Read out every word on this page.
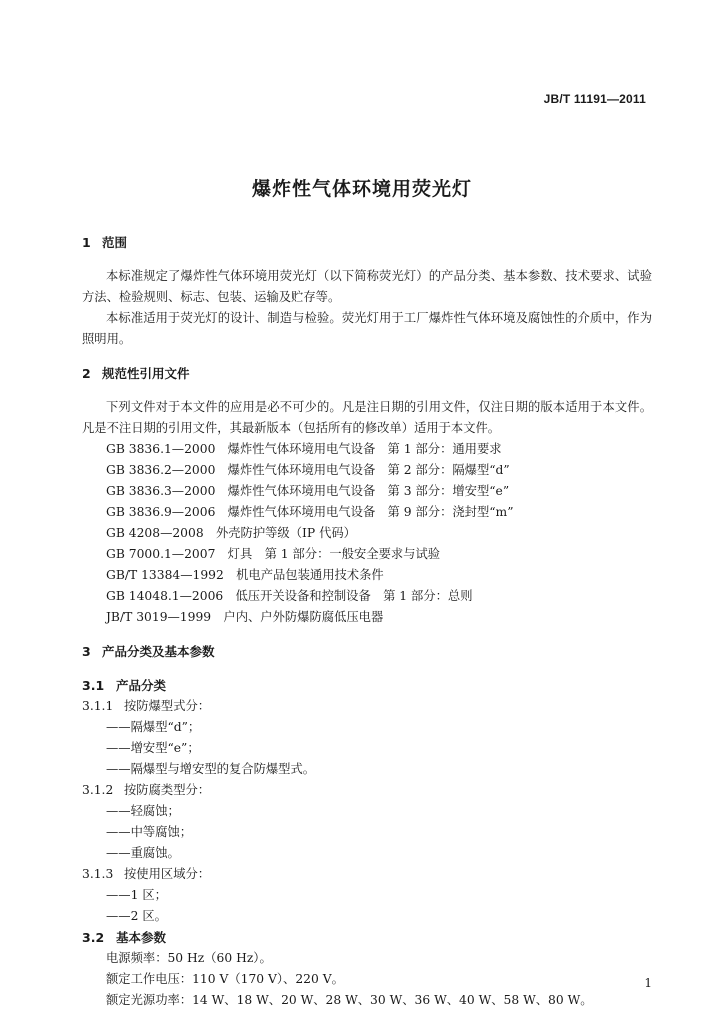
JB/T 11191—2011
爆炸性气体环境用荧光灯

1 范围

本标准规定了爆炸性气体环境用荧光灯（以下简称荧光灯）的产品分类、基本参数、技术要求、试验方法、检验规则、标志、包装、运输及贮存等。

本标准适用于荧光灯的设计、制造与检验。荧光灯用于工厂爆炸性气体环境及腐蚀性的介质中，作为照明用。

2 规范性引用文件

下列文件对于本文件的应用是必不可少的。凡是注日期的引用文件，仅注日期的版本适用于本文件。凡是不注日期的引用文件，其最新版本（包括所有的修改单）适用于本文件。

GB 3836.1—2000　爆炸性气体环境用电气设备　第 1 部分：通用要求

GB 3836.2—2000　爆炸性气体环境用电气设备　第 2 部分：隔爆型“d”

GB 3836.3—2000　爆炸性气体环境用电气设备　第 3 部分：增安型“e”

GB 3836.9—2006　爆炸性气体环境用电气设备　第 9 部分：浇封型“m”

GB 4208—2008　外壳防护等级（IP 代码）

GB 7000.1—2007　灯具　第 1 部分：一般安全要求与试验

GB/T 13384—1992　机电产品包装通用技术条件

GB 14048.1—2006　低压开关设备和控制设备　第 1 部分：总则

JB/T 3019—1999　户内、户外防爆防腐低压电器

3 产品分类及基本参数

3.1 产品分类

3.1.1 按防爆型式分：

——隔爆型“d”；

——增安型“e”；

——隔爆型与增安型的复合防爆型式。

3.1.2 按防腐类型分：

——轻腐蚀；

——中等腐蚀；

——重腐蚀。

3.1.3 按使用区域分：

——1 区；

——2 区。

3.2 基本参数

电源频率：50 Hz（60 Hz）。

额定工作电压：110 V（170 V）、220 V。

额定光源功率：14 W、18 W、20 W、28 W、30 W、36 W、40 W、58 W、80 W。

1
